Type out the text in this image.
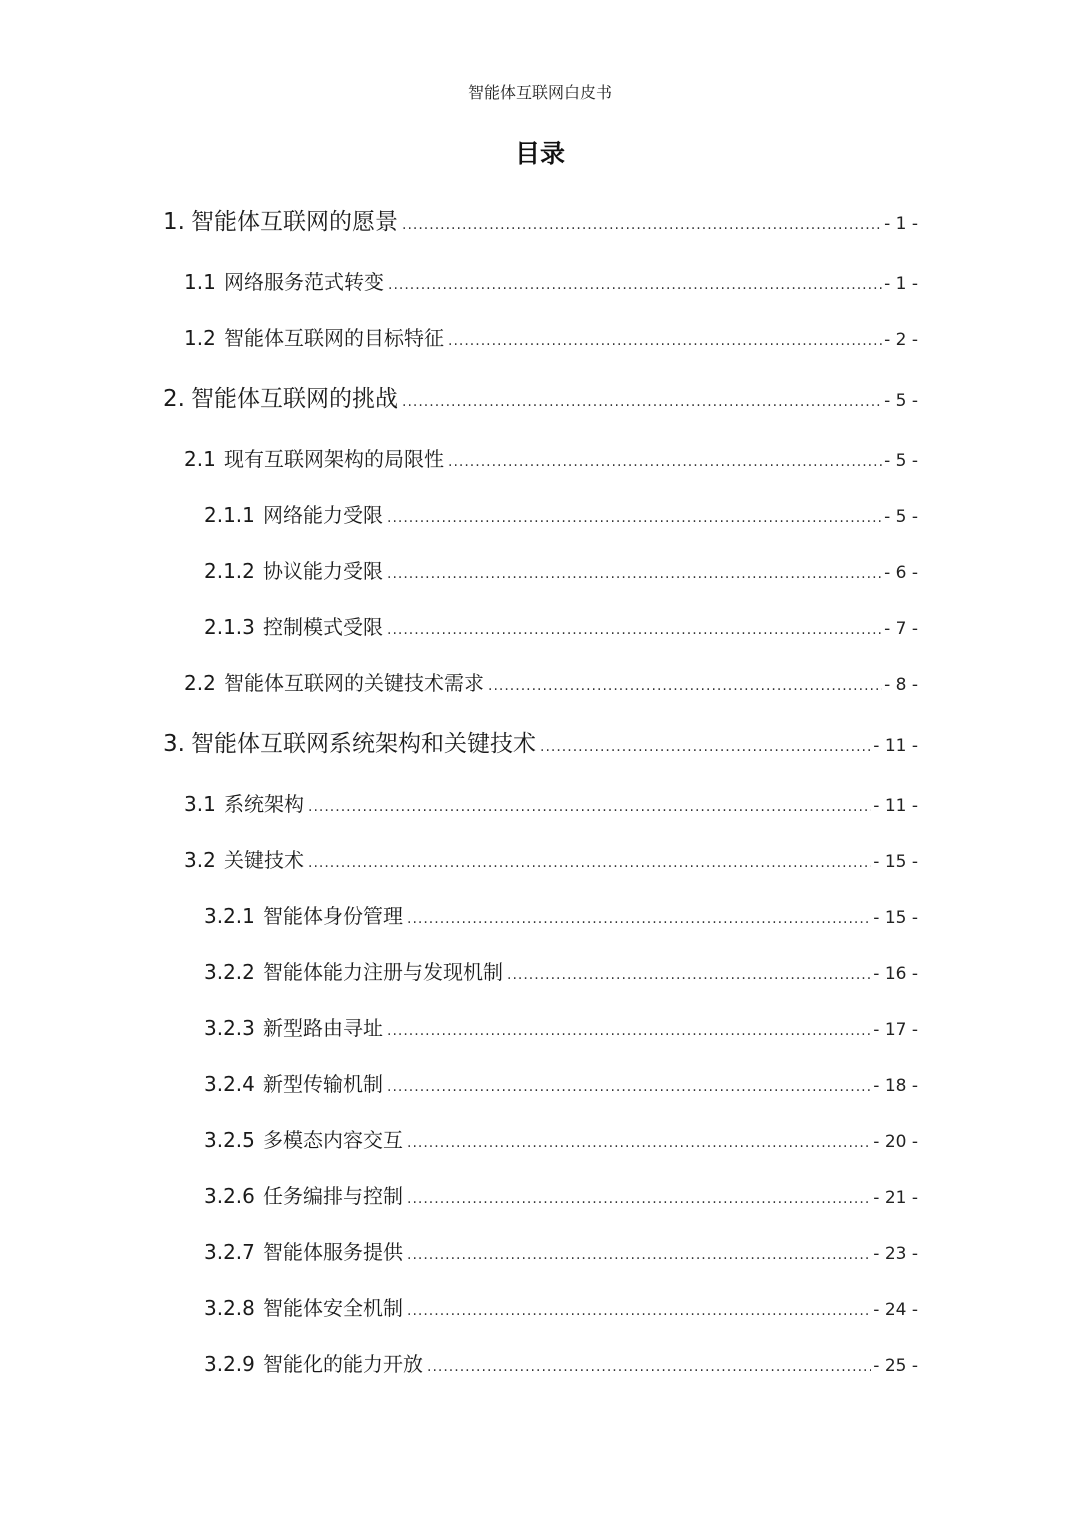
智能体互联网白皮书
目录
1. 智能体互联网的愿景 .....	- 1 -
1.1 网络服务范式转变 .....	- 1 -
1.2 智能体互联网的目标特征 .....	- 2 -
2. 智能体互联网的挑战 .....	- 5 -
2.1 现有互联网架构的局限性 .....	- 5 -
2.1.1 网络能力受限 .....	- 5 -
2.1.2 协议能力受限 .....	- 6 -
2.1.3 控制模式受限 .....	- 7 -
2.2 智能体互联网的关键技术需求 .....	- 8 -
3. 智能体互联网系统架构和关键技术 .....	- 11 -
3.1 系统架构 .....	- 11 -
3.2 关键技术 .....	- 15 -
3.2.1 智能体身份管理 .....	- 15 -
3.2.2 智能体能力注册与发现机制 .....	- 16 -
3.2.3 新型路由寻址 .....	- 17 -
3.2.4 新型传输机制 .....	- 18 -
3.2.5 多模态内容交互 .....	- 20 -
3.2.6 任务编排与控制 .....	- 21 -
3.2.7 智能体服务提供 .....	- 23 -
3.2.8 智能体安全机制 .....	- 24 -
3.2.9 智能化的能力开放 .....	- 25 -
